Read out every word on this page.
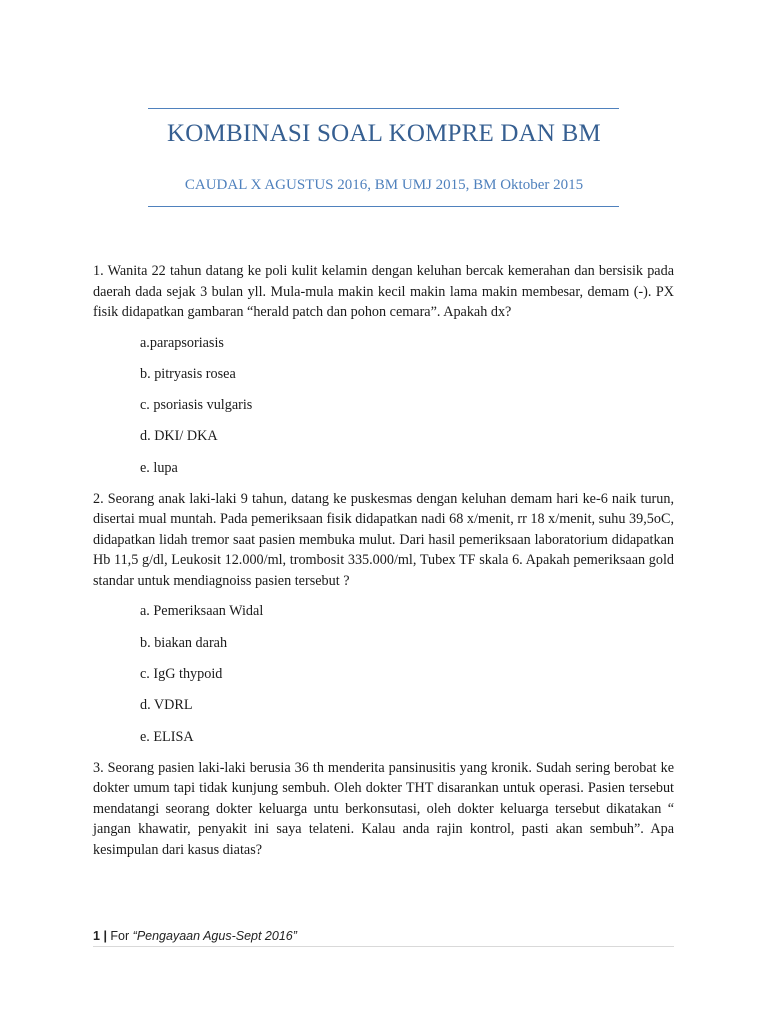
KOMBINASI SOAL KOMPRE DAN BM
CAUDAL X AGUSTUS 2016, BM UMJ 2015, BM Oktober 2015

1. Wanita 22 tahun datang ke poli kulit kelamin dengan keluhan bercak kemerahan dan bersisik pada daerah dada sejak 3 bulan yll. Mula-mula makin kecil makin lama makin membesar, demam (-). PX fisik didapatkan gambaran “herald patch dan pohon cemara”. Apakah dx?

a.parapsoriasis
b. pitryasis rosea
c. psoriasis vulgaris
d. DKI/ DKA
e. lupa

2. Seorang anak laki-laki 9 tahun, datang ke puskesmas dengan keluhan demam hari ke-6 naik turun, disertai mual muntah. Pada pemeriksaan fisik didapatkan nadi 68 x/menit, rr 18 x/menit, suhu 39,5oC, didapatkan lidah tremor saat pasien membuka mulut. Dari hasil pemeriksaan laboratorium didapatkan Hb 11,5 g/dl, Leukosit 12.000/ml, trombosit 335.000/ml, Tubex TF skala 6. Apakah pemeriksaan gold standar untuk mendiagnoiss pasien tersebut ?

a. Pemeriksaan Widal
b. biakan darah
c. IgG thypoid
d. VDRL
e. ELISA

3. Seorang pasien laki-laki berusia 36 th menderita pansinusitis yang kronik. Sudah sering berobat ke dokter umum tapi tidak kunjung sembuh. Oleh dokter THT disarankan untuk operasi. Pasien tersebut mendatangi seorang dokter keluarga untu berkonsutasi, oleh dokter keluarga tersebut dikatakan “ jangan khawatir, penyakit ini saya telateni. Kalau anda rajin kontrol, pasti akan sembuh”. Apa kesimpulan dari kasus diatas?

1 | For “Pengayaan Agus-Sept 2016”
